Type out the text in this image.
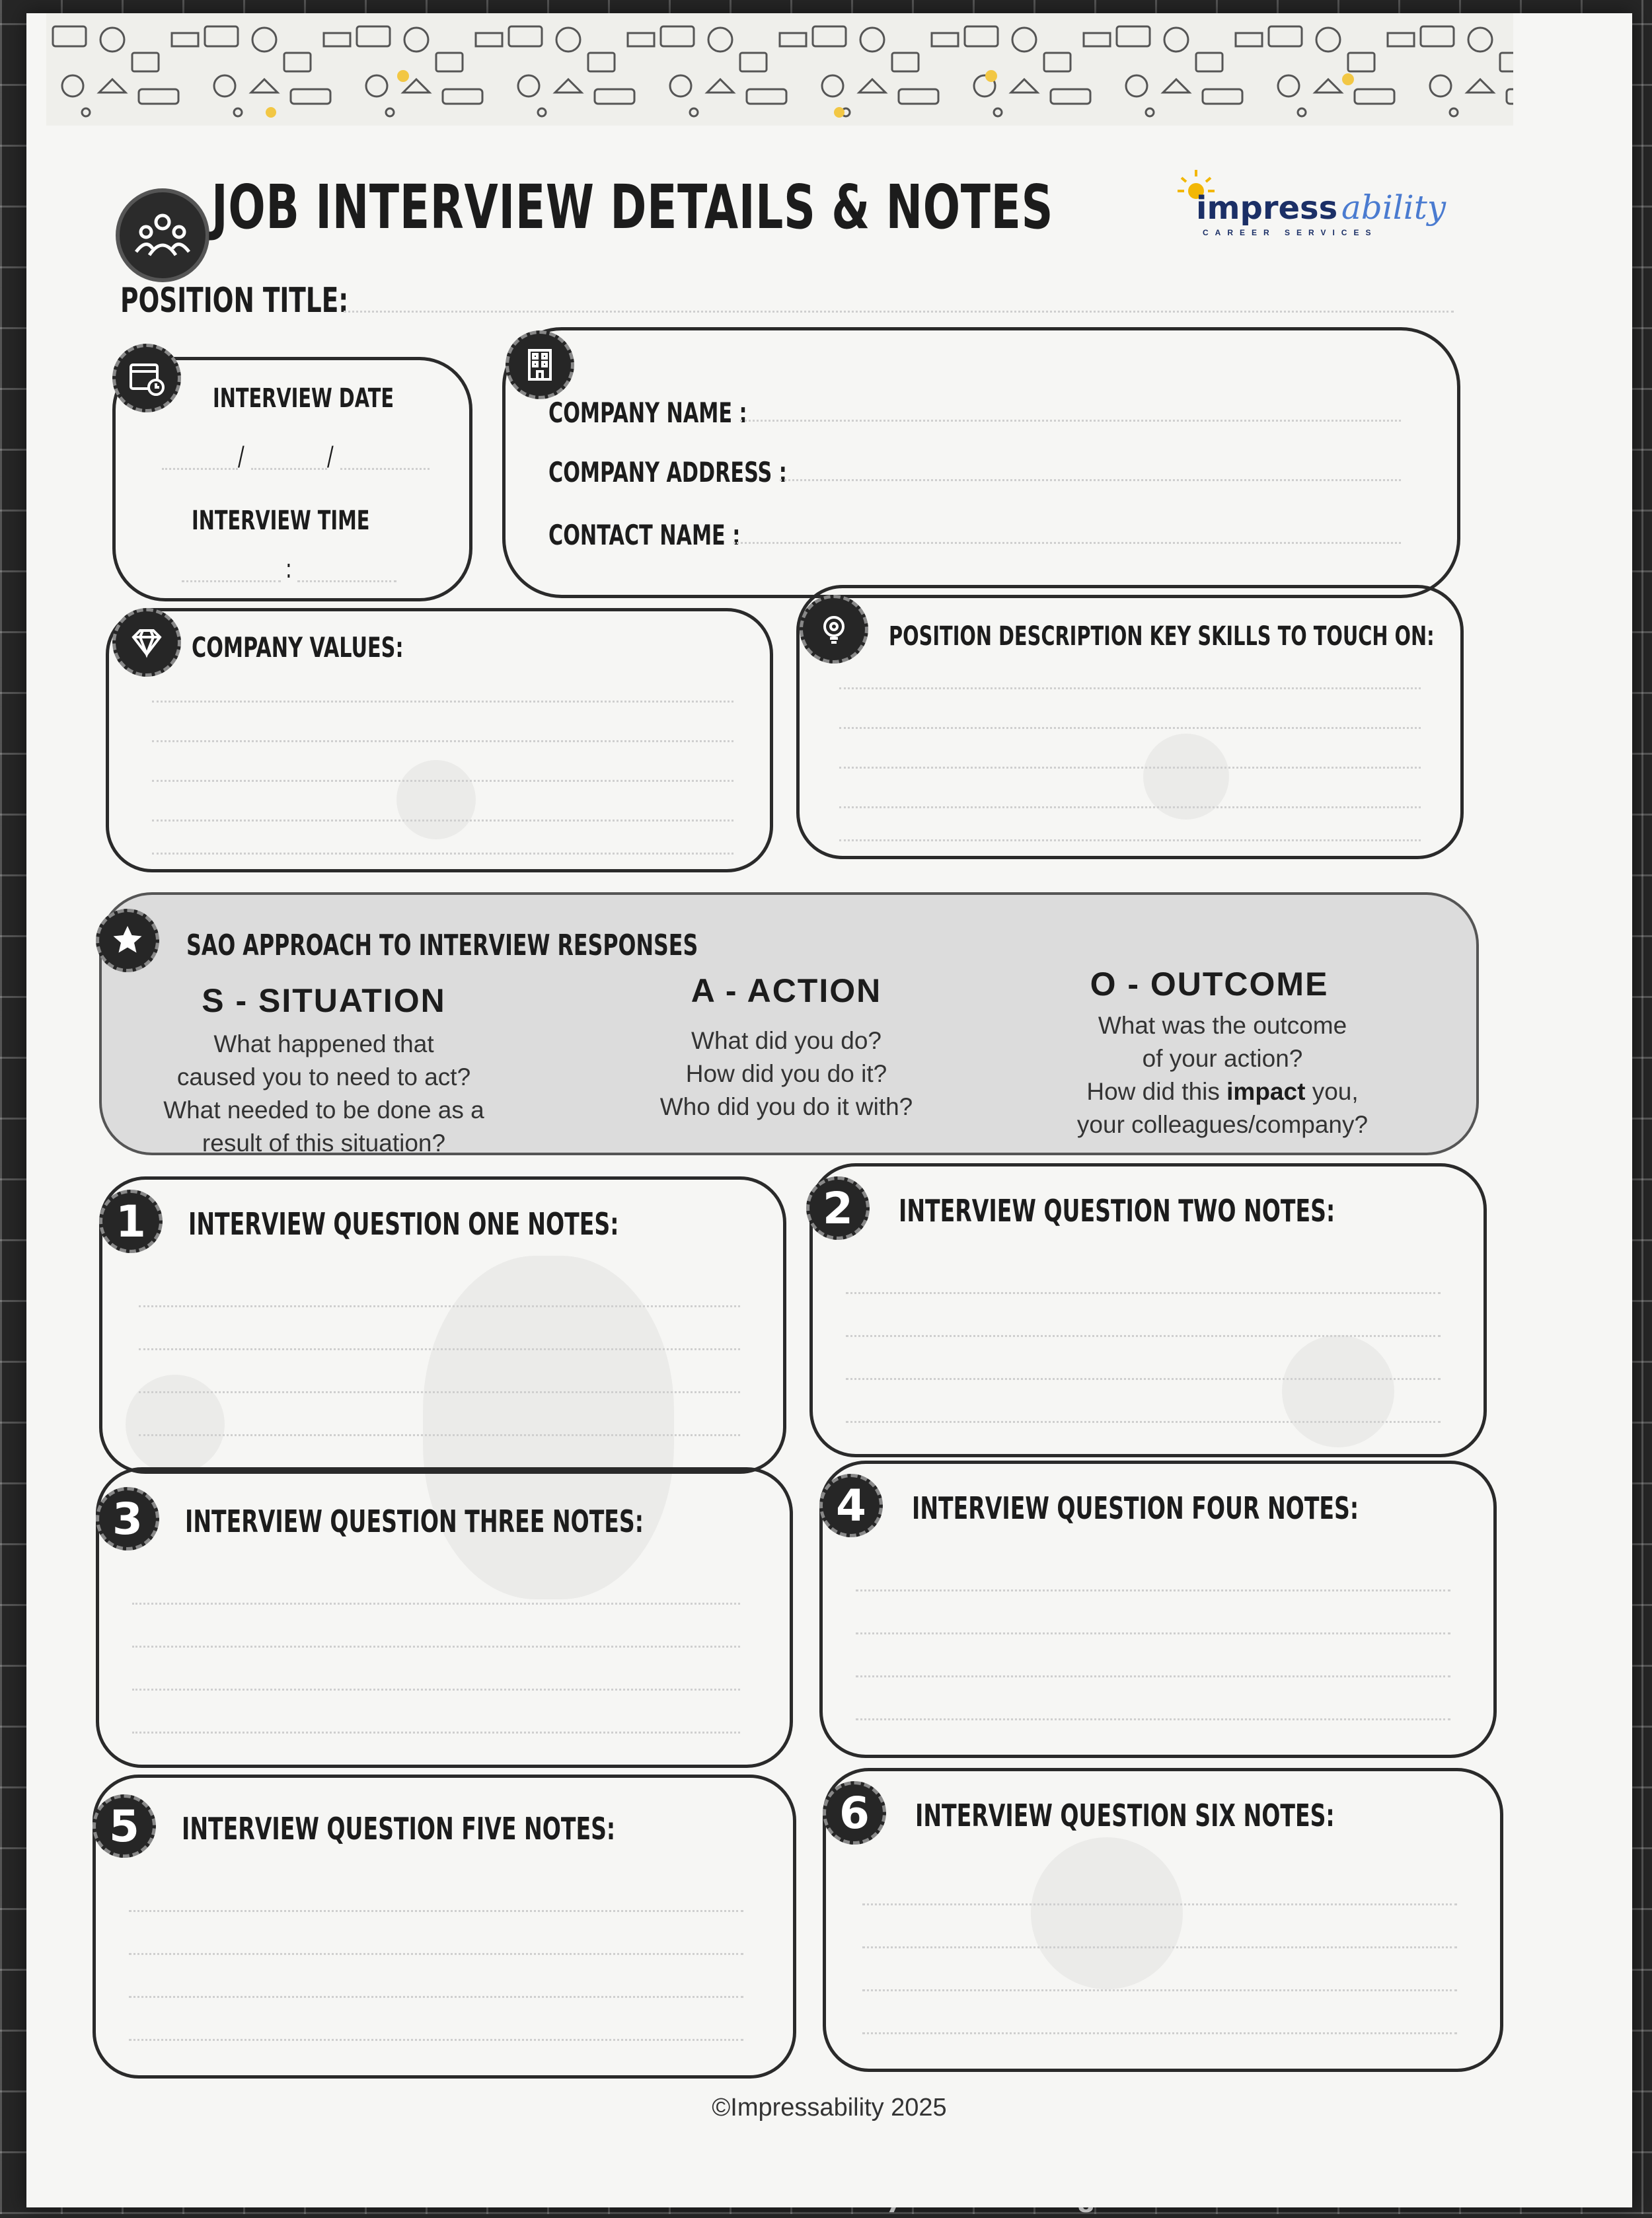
JOB INTERVIEW DETAILS & NOTES	impress ability
CAREER SERVICES
POSITION TITLE:
INTERVIEW DATE
/	/
INTERVIEW TIME
:
COMPANY NAME :
COMPANY ADDRESS :
CONTACT NAME :
COMPANY VALUES:	POSITION DESCRIPTION KEY SKILLS TO TOUCH ON:
SAO APPROACH TO INTERVIEW RESPONSES
S - SITUATION
What happened that
caused you to need to act?
What needed to be done as a
result of this situation?
A - ACTION
What did you do?
How did you do it?
Who did you do it with?
O - OUTCOME
What was the outcome
of your action?
How did this impact you,
your colleagues/company?
1	INTERVIEW QUESTION ONE NOTES:	2	INTERVIEW QUESTION TWO NOTES:
3	INTERVIEW QUESTION THREE NOTES:	4	INTERVIEW QUESTION FOUR NOTES:
5	INTERVIEW QUESTION FIVE NOTES:	6	INTERVIEW QUESTION SIX NOTES:
©Impressability 2025
